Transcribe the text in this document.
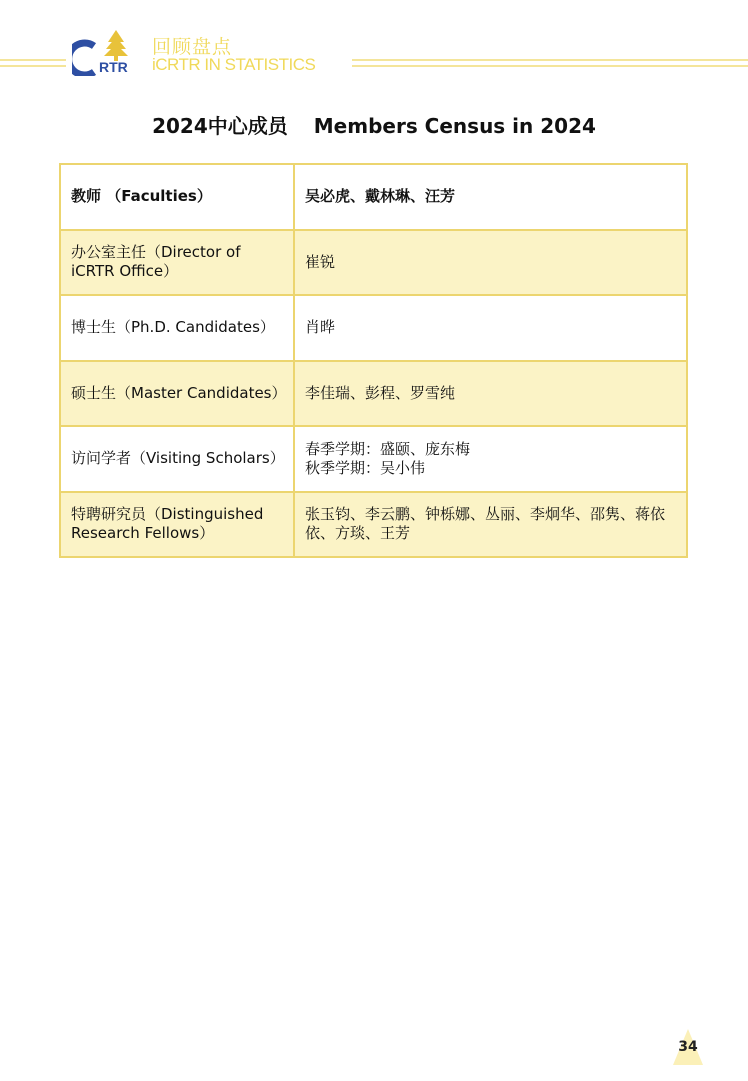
RTR
回顾盘点
iCRTR IN STATISTICS
2024中心成员 Members Census in 2024
教师 （Faculties）	吴必虎、戴林琳、汪芳

办公室主任（Director of iCRTR Office）	崔锐

博士生（Ph.D. Candidates）	肖晔

硕士生（Master Candidates）	李佳瑞、彭程、罗雪纯

访问学者（Visiting Scholars）	春季学期：盛颐、庞东梅
秋季学期：吴小伟

特聘研究员（Distinguished Research Fellows）	张玉钧、李云鹏、钟栎娜、丛丽、李炯华、邵隽、蒋依依、方琰、王芳
34
